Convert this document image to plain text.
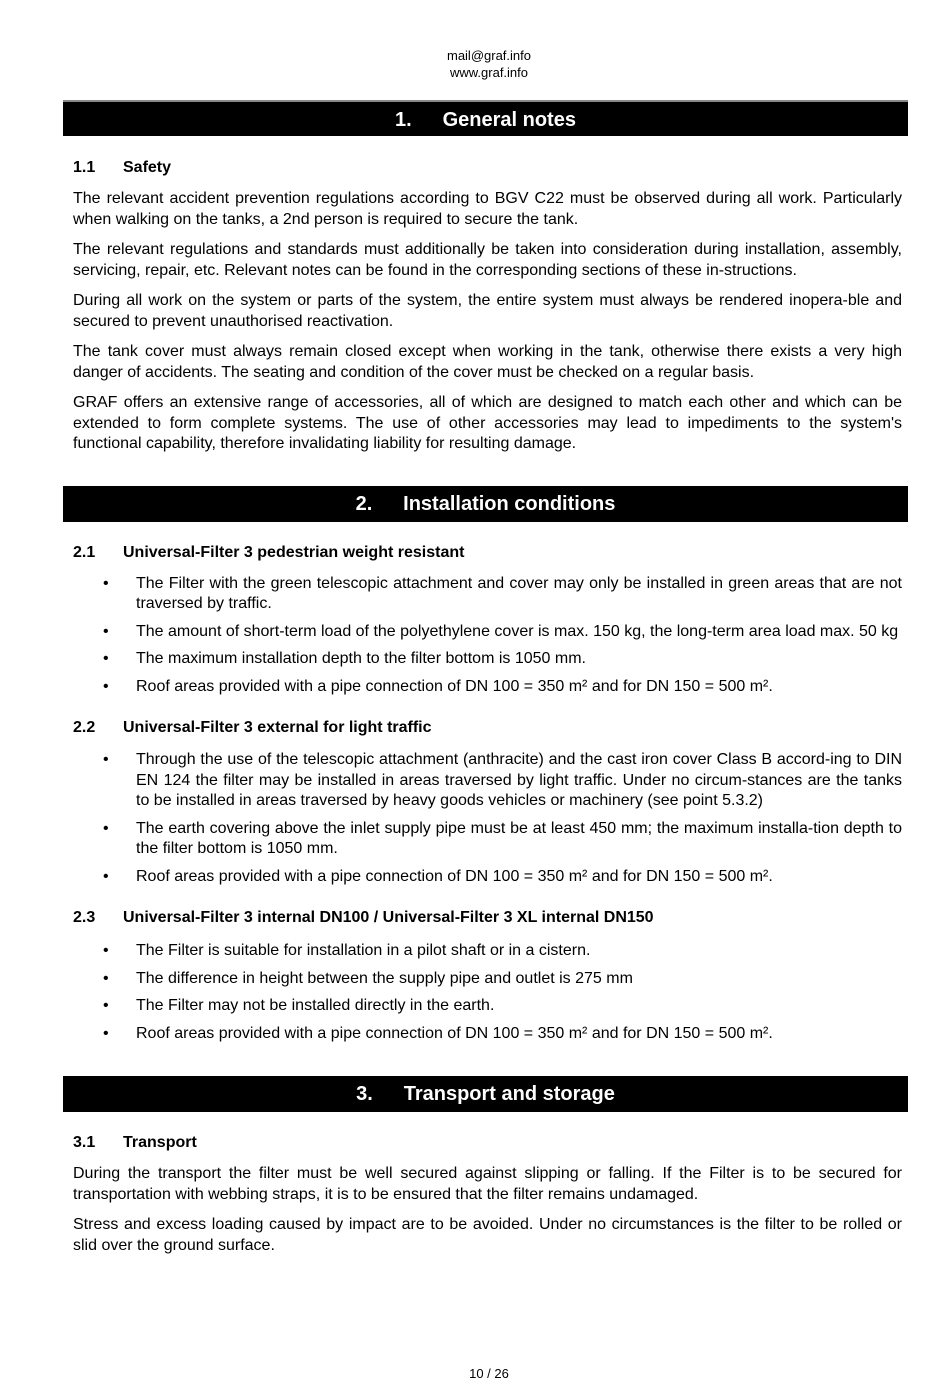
mail@graf.info
www.graf.info
1. General notes
1.1	Safety

The relevant accident prevention regulations according to BGV C22 must be observed during all work. Particularly when walking on the tanks, a 2nd person is required to secure the tank.

The relevant regulations and standards must additionally be taken into consideration during installation, assembly, servicing, repair, etc. Relevant notes can be found in the corresponding sections of these in-structions.

During all work on the system or parts of the system, the entire system must always be rendered inopera-ble and secured to prevent unauthorised reactivation.

The tank cover must always remain closed except when working in the tank, otherwise there exists a very high danger of accidents. The seating and condition of the cover must be checked on a regular basis.

GRAF offers an extensive range of accessories, all of which are designed to match each other and which can be extended to form complete systems. The use of other accessories may lead to impediments to the system's functional capability, therefore invalidating liability for resulting damage.

2. Installation conditions
2.1	Universal-Filter 3 pedestrian weight resistant
• The Filter with the green telescopic attachment and cover may only be installed in green areas that are not traversed by traffic.
• The amount of short-term load of the polyethylene cover is max. 150 kg, the long-term area load max. 50 kg
• The maximum installation depth to the filter bottom is 1050 mm.
• Roof areas provided with a pipe connection of DN 100 = 350 m² and for DN 150 = 500 m².
2.2	Universal-Filter 3 external for light traffic
• Through the use of the telescopic attachment (anthracite) and the cast iron cover Class B accord-ing to DIN EN 124 the filter may be installed in areas traversed by light traffic. Under no circum-stances are the tanks to be installed in areas traversed by heavy goods vehicles or machinery (see point 5.3.2)
• The earth covering above the inlet supply pipe must be at least 450 mm; the maximum installa-tion depth to the filter bottom is 1050 mm.
• Roof areas provided with a pipe connection of DN 100 = 350 m² and for DN 150 = 500 m².
2.3	Universal-Filter 3 internal DN100 / Universal-Filter 3 XL internal DN150
• The Filter is suitable for installation in a pilot shaft or in a cistern.
• The difference in height between the supply pipe and outlet is 275 mm
• The Filter may not be installed directly in the earth.
• Roof areas provided with a pipe connection of DN 100 = 350 m² and for DN 150 = 500 m².
3. Transport and storage
3.1	Transport

During the transport the filter must be well secured against slipping or falling. If the Filter is to be secured for transportation with webbing straps, it is to be ensured that the filter remains undamaged.

Stress and excess loading caused by impact are to be avoided. Under no circumstances is the filter to be rolled or slid over the ground surface.

10 / 26
